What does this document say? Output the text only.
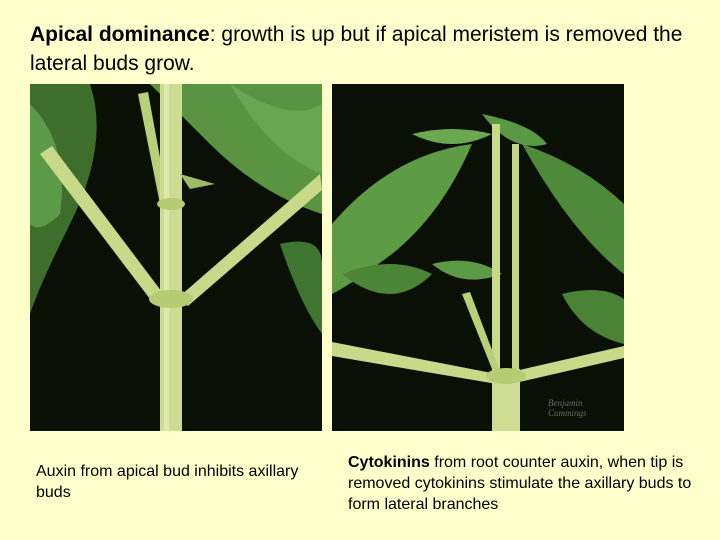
Apical dominance: growth is up but if apical meristem is removed the lateral buds grow.
Benjamin
Cummings
Auxin from apical bud inhibits axillary buds
Cytokinins from root counter auxin, when tip is removed cytokinins stimulate the axillary buds to form lateral branches
